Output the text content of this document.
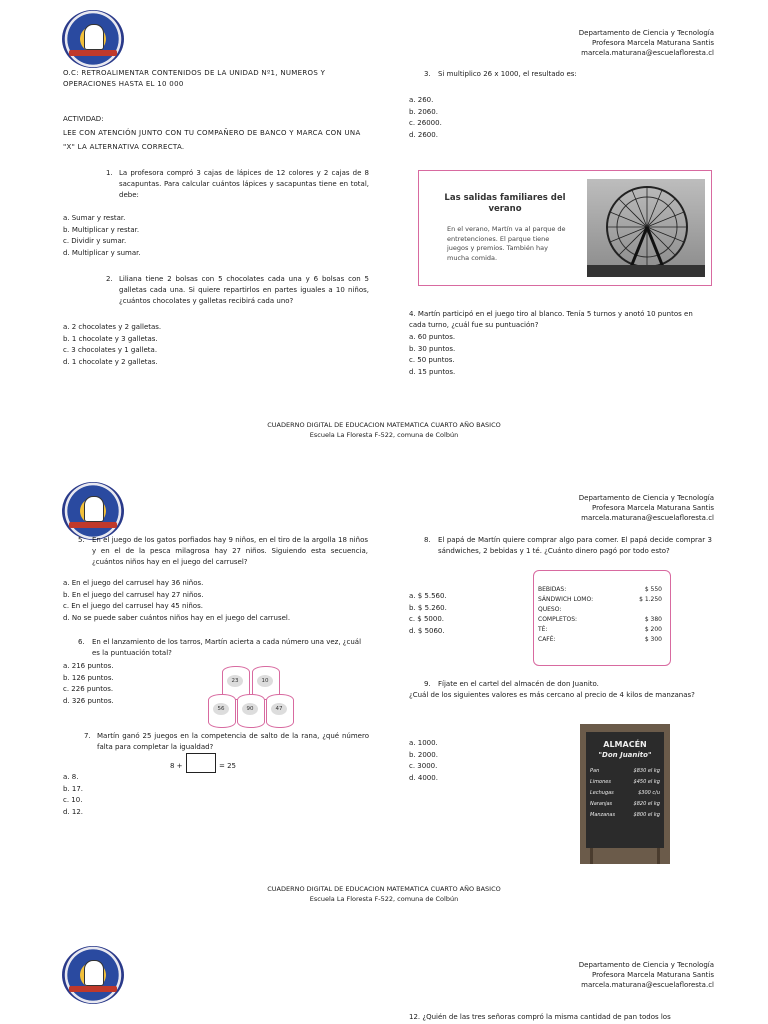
Departamento de Ciencia y Tecnología
Profesora Marcela Maturana Santis
marcela.maturana@escuelafloresta.cl
O.C: RETROALIMENTAR CONTENIDOS DE LA UNIDAD Nº1, NUMEROS Y OPERACIONES HASTA EL 10 000
ACTIVIDAD:
LEE CON ATENCIÓN JUNTO CON TU COMPAÑERO DE BANCO Y MARCA CON UNA "X" LA ALTERNATIVA CORRECTA.
1. La profesora compró 3 cajas de lápices de 12 colores y 2 cajas de 8 sacapuntas. Para calcular cuántos lápices y sacapuntas tiene en total, debe:
a. Sumar y restar.
b. Multiplicar y restar.
c. Dividir y sumar.
d. Multiplicar y sumar.
2. Liliana tiene 2 bolsas con 5 chocolates cada una y 6 bolsas con 5 galletas cada una. Si quiere repartirlos en partes iguales a 10 niños, ¿cuántos chocolates y galletas recibirá cada uno?
a. 2 chocolates y 2 galletas.
b. 1 chocolate y 3 galletas.
c. 3 chocolates y 1 galleta.
d. 1 chocolate y 2 galletas.
3.	Si multiplico 26 x 1000, el resultado es:
a. 260.
b. 2060.
c. 26000.
d. 2600.
Las salidas familiares del verano
En el verano, Martín va al parque de entretenciones. El parque tiene juegos y premios. También hay mucha comida.
4. Martín participó en el juego tiro al blanco. Tenía 5 turnos y anotó 10 puntos en cada turno, ¿cuál fue su puntuación?
a. 60 puntos.
b. 30 puntos.
c. 50 puntos.
d. 15 puntos.
CUADERNO DIGITAL DE EDUCACION MATEMATICA CUARTO AÑO BASICO
Escuela La Floresta F-522, comuna de Colbún
Departamento de Ciencia y Tecnología
Profesora Marcela Maturana Santis
marcela.maturana@escuelafloresta.cl
5.	En el juego de los gatos porfiados hay 9 niños, en el tiro de la argolla 18 niños y en el de la pesca milagrosa hay 27 niños. Siguiendo esta secuencia, ¿cuántos niños hay en el juego del carrusel?
a. En el juego del carrusel hay 36 niños.
b. En el juego del carrusel hay 27 niños.
c. En el juego del carrusel hay 45 niños.
d. No se puede saber cuántos niños hay en el juego del carrusel.
6.	En el lanzamiento de los tarros, Martín acierta a cada número una vez, ¿cuál es la puntuación total?
a. 216 puntos.
b. 126 puntos.
c. 226 puntos.
d. 326 puntos.
23	10
56	90	47
7. Martín ganó 25 juegos en la competencia de salto de la rana, ¿qué número falta para completar la igualdad?
8 +	= 25
a. 8.
b. 17.
c. 10.
d. 12.
8.	El papá de Martín quiere comprar algo para comer. El papá decide comprar 3 sándwiches, 2 bebidas y 1 té. ¿Cuánto dinero pagó por todo esto?
a. $ 5.560.
b. $ 5.260.
c. $ 5000.
d. $ 5060.
BEBIDAS:	$ 550
SÁNDWICH LOMO:	$ 1.250
QUESO:
COMPLETOS:	$ 380
TÉ:	$ 200
CAFÉ:	$ 300
9.	Fíjate en el cartel del almacén de don Juanito.
¿Cuál de los siguientes valores es más cercano al precio de 4 kilos de manzanas?
a. 1000.
b. 2000.
c. 3000.
d. 4000.
ALMACÉN
"Don Juanito"
Pan	$830 el kg
Limones	$450 el kg
Lechugas	$300 c/u
Naranjas	$820 el kg
Manzanas	$800 el kg
CUADERNO DIGITAL DE EDUCACION MATEMATICA CUARTO AÑO BASICO
Escuela La Floresta F-522, comuna de Colbún
Departamento de Ciencia y Tecnología
Profesora Marcela Maturana Santis
marcela.maturana@escuelafloresta.cl
12. ¿Quién de las tres señoras compró la misma cantidad de pan todos los
